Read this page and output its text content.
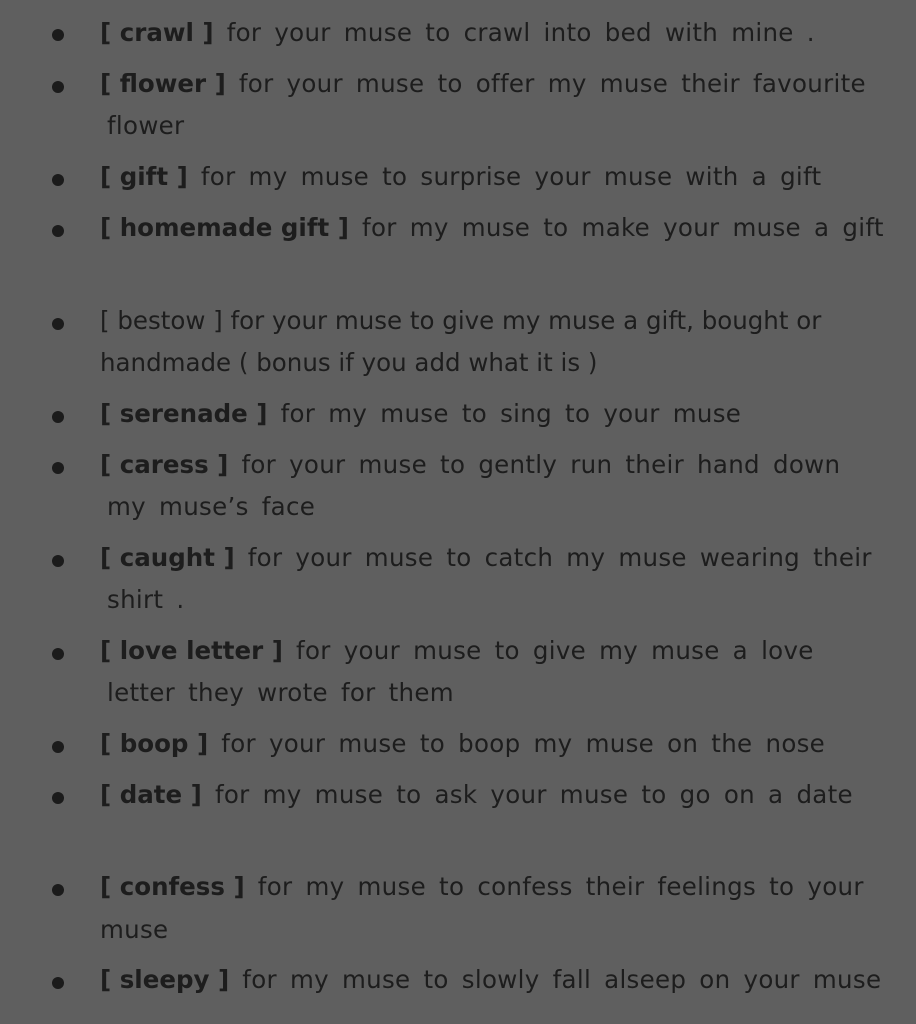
[ crawl ] for your muse to crawl into bed with mine .
[ flower ] for your muse to offer my muse their favourite
flower
[ gift ] for my muse to surprise your muse with a gift
[ homemade gift ] for my muse to make your muse a gift
[ bestow ] for your muse to give my muse a gift, bought or
handmade ( bonus if you add what it is )
[ serenade ] for my muse to sing to your muse
[ caress ] for your muse to gently run their hand down
my muse’s face
[ caught ] for your muse to catch my muse wearing their
shirt .
[ love letter ] for your muse to give my muse a love
letter they wrote for them
[ boop ] for your muse to boop my muse on the nose
[ date ] for my muse to ask your muse to go on a date
[ confess ] for my muse to confess their feelings to your
muse
[ sleepy ] for my muse to slowly fall alseep on your muse
